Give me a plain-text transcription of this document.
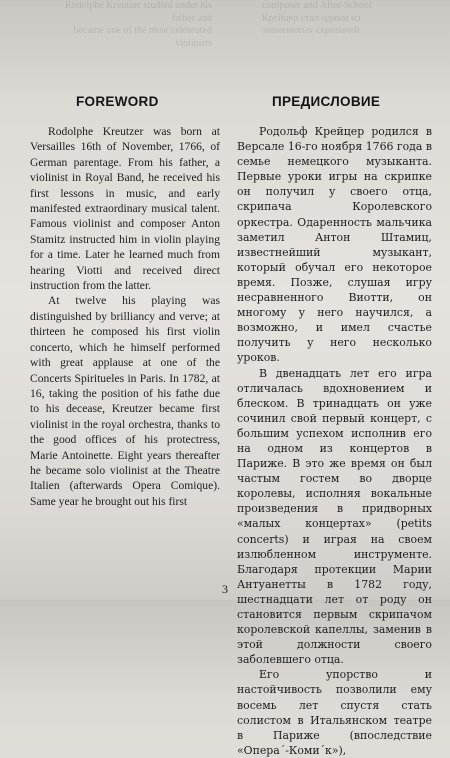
Rodolphe Kreutzer studied under his father and
became one of the most celebrated violinists
composer and After-School
Крейцер стал одним из
знаменитых скрипачей
FOREWORD	ПРЕДИСЛОВИЕ

Rodolphe Kreutzer was born at Versailles 16th of November, 1766, of German parentage. From his father, a violinist in Royal Band, he received his first lessons in music, and early manifested extraordinary musical talent. Famous violinist and composer Anton Stamitz instructed him in violin playing for a time. Later he learned much from hearing Viotti and received direct instruction from the latter.

At twelve his playing was distinguished by brilliancy and verve; at thirteen he composed his first violin concerto, which he himself performed with great applause at one of the Concerts Spiritueles in Paris. In 1782, at 16, taking the position of his fathe due to his decease, Kreutzer became first violinist in the royal orchestra, thanks to the good offices of his protectress, Marie Antoinette. Eight years thereafter he became solo violinist at the Theatre Italien (afterwards Opera Comique). Same year he brought out his first

Родольф Крейцер родился в Версале 16-го ноября 1766 года в семье немецкого музыканта. Первые уроки игры на скрипке он получил у своего отца, скрипача Королевского оркестра. Одаренность мальчика заметил Антон Штамиц, известнейший музыкант, который обучал его некоторое время. Позже, слушая игру несравненного Виотти, он многому у него научился, а возможно, и имел счастье получить у него несколько уроков.

В двенадцать лет его игра отличалась вдохновением и блеском. В тринадцать он уже сочинил свой первый концерт, с большим успехом исполнив его на одном из концертов в Париже. В это же время он был частым гостем во дворце королевы, исполняя вокальные произведения в придворных «малых концертах» (petits concerts) и играя на своем излюбленном инструменте. Благодаря протекции Марии Антуанетты в 1782 году, шестнадцати лет от роду он становится первым скрипачом королевской капеллы, заменив в этой должности своего заболевшего отца.

Его упорство и настойчивость позволили ему восемь лет спустя стать солистом в Итальянском театре в Париже (впоследствие «Операˊ-Комиˊк»),

3
